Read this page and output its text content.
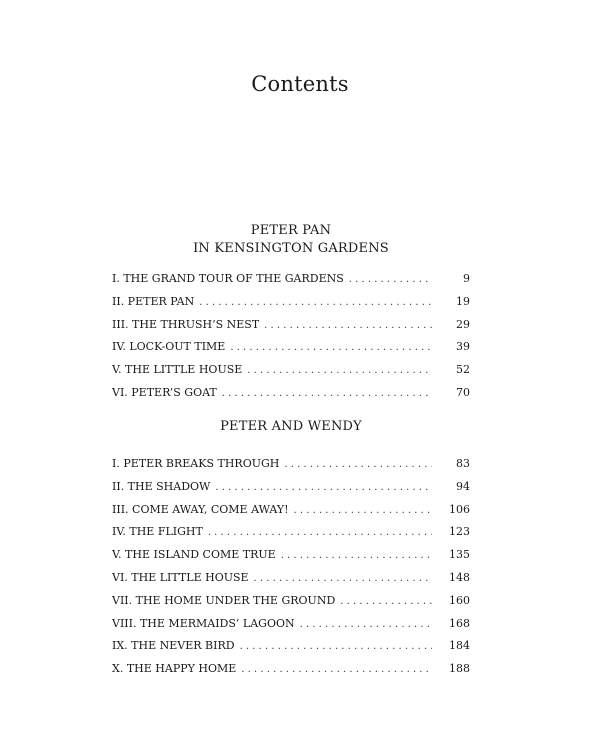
Contents
PETER PAN
IN KENSINGTON GARDENS
I. THE GRAND TOUR OF THE GARDENS . . .	9
II. PETER PAN . . .	19
III. THE THRUSH’S NEST . . .	29
IV. LOCK-OUT TIME . . .	39
V. THE LITTLE HOUSE . . .	52
VI. PETER’S GOAT . . .	70
PETER AND WENDY
I. PETER BREAKS THROUGH . . .	83
II. THE SHADOW . . .	94
III. COME AWAY, COME AWAY! . . .	106
IV. THE FLIGHT . . .	123
V. THE ISLAND COME TRUE . . .	135
VI. THE LITTLE HOUSE . . .	148
VII. THE HOME UNDER THE GROUND . . .	160
VIII. THE MERMAIDS’ LAGOON . . .	168
IX. THE NEVER BIRD . . .	184
X. THE HAPPY HOME . . .	188
